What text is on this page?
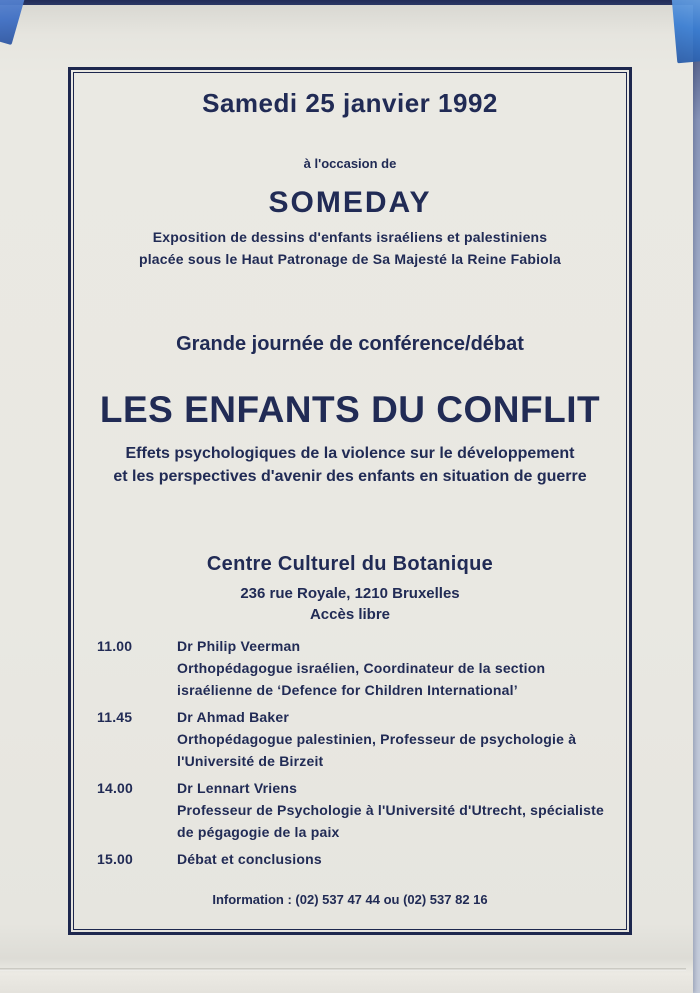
Samedi 25 janvier 1992
à l'occasion de
SOMEDAY
Exposition de dessins d'enfants israéliens et palestiniens
placée sous le Haut Patronage de Sa Majesté la Reine Fabiola
Grande journée de conférence/débat
LES ENFANTS DU CONFLIT
Effets psychologiques de la violence sur le développement
et les perspectives d'avenir des enfants en situation de guerre
Centre Culturel du Botanique
236 rue Royale, 1210 Bruxelles
Accès libre
11.00	Dr Philip Veerman
Orthopédagogue israélien, Coordinateur de la section
israélienne de ‘Defence for Children International’
11.45	Dr Ahmad Baker
Orthopédagogue palestinien, Professeur de psychologie à
l'Université de Birzeit
14.00	Dr Lennart Vriens
Professeur de Psychologie à l'Université d'Utrecht, spécialiste
de pégagogie de la paix
15.00	Débat et conclusions
Information : (02) 537 47 44 ou (02) 537 82 16
